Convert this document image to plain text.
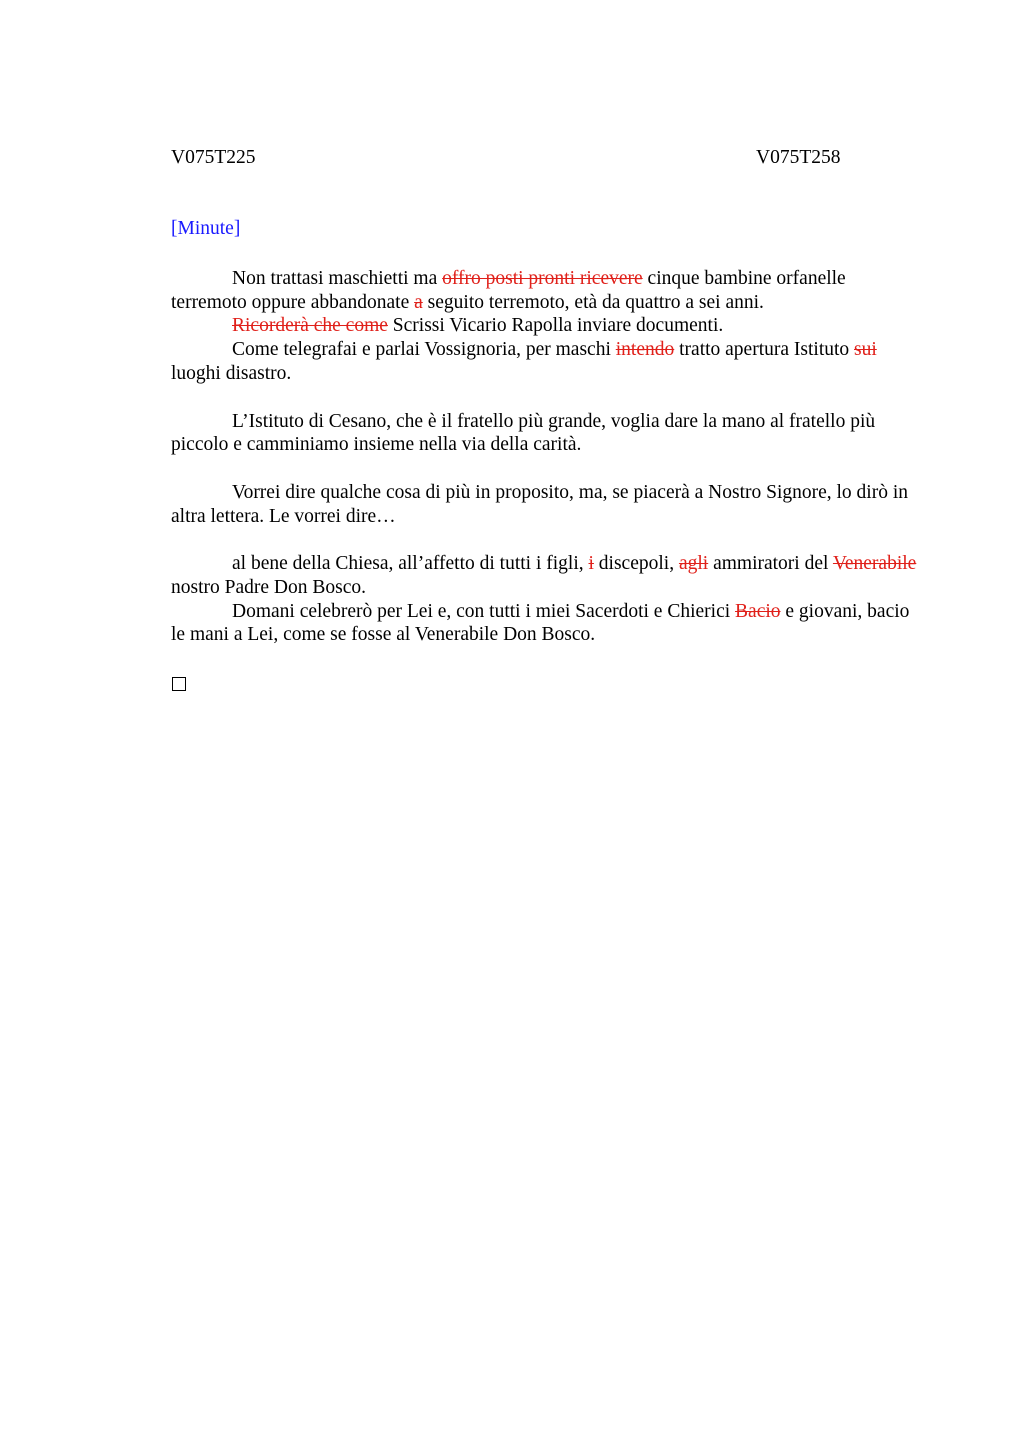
V075T225	V075T258
[Minute]

Non trattasi maschietti ma offro posti pronti ricevere cinque bambine orfanelle terremoto oppure abbandonate a seguito terremoto, età da quattro a sei anni.

Ricorderà che come Scrissi Vicario Rapolla inviare documenti.

Come telegrafai e parlai Vossignoria, per maschi intendo tratto apertura Istituto sui luoghi disastro.

L’Istituto di Cesano, che è il fratello più grande, voglia dare la mano al fratello più piccolo e camminiamo insieme nella via della carità.

Vorrei dire qualche cosa di più in proposito, ma, se piacerà a Nostro Signore, lo dirò in altra lettera. Le vorrei dire…

al bene della Chiesa, all’affetto di tutti i figli, i discepoli, agli ammiratori del Venerabile nostro Padre Don Bosco.

Domani celebrerò per Lei e, con tutti i miei Sacerdoti e Chierici Bacio e giovani, bacio le mani a Lei, come se fosse al Venerabile Don Bosco.
